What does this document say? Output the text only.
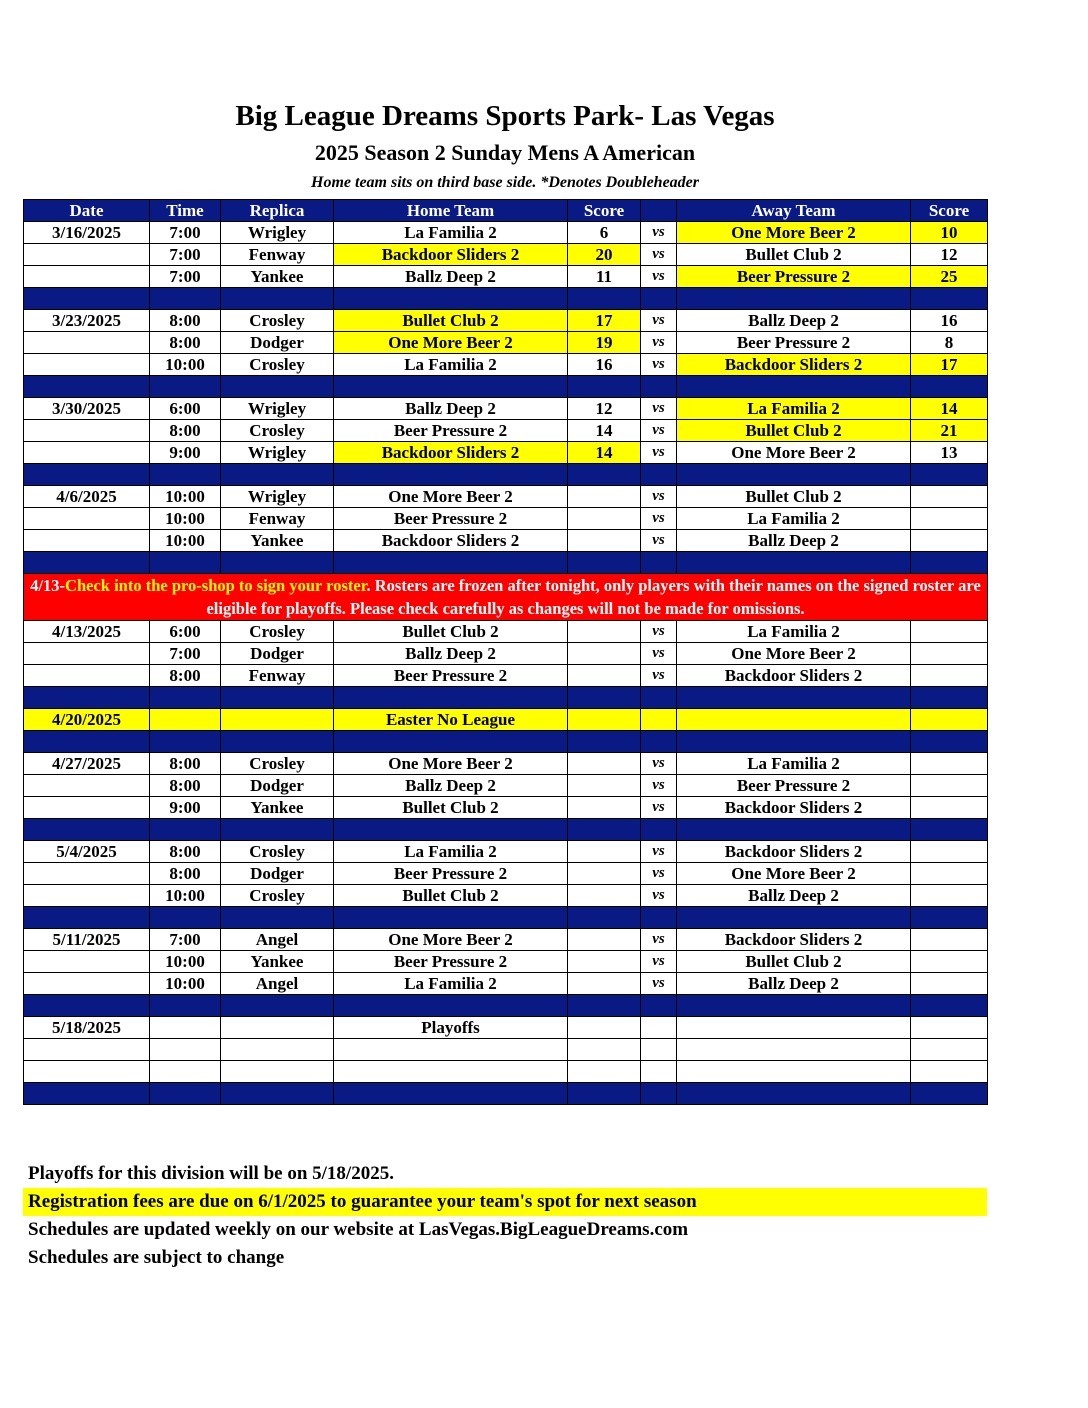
Big League Dreams Sports Park- Las Vegas
2025 Season 2 Sunday Mens A American
Home team sits on third base side. *Denotes Doubleheader
Date	Time	Replica	Home Team	Score		Away Team	Score
3/16/2025	7:00	Wrigley	La Familia 2	6	vs	One More Beer 2	10
	7:00	Fenway	Backdoor Sliders 2	20	vs	Bullet Club 2	12
	7:00	Yankee	Ballz Deep 2	11	vs	Beer Pressure 2	25

3/23/2025	8:00	Crosley	Bullet Club 2	17	vs	Ballz Deep 2	16
	8:00	Dodger	One More Beer 2	19	vs	Beer Pressure 2	8
	10:00	Crosley	La Familia 2	16	vs	Backdoor Sliders 2	17

3/30/2025	6:00	Wrigley	Ballz Deep 2	12	vs	La Familia 2	14
	8:00	Crosley	Beer Pressure 2	14	vs	Bullet Club 2	21
	9:00	Wrigley	Backdoor Sliders 2	14	vs	One More Beer 2	13

4/6/2025	10:00	Wrigley	One More Beer 2		vs	Bullet Club 2	
	10:00	Fenway	Beer Pressure 2		vs	La Familia 2	
	10:00	Yankee	Backdoor Sliders 2		vs	Ballz Deep 2	

4/13-Check into the pro-shop to sign your roster. Rosters are frozen after tonight, only players with their names on the signed roster are eligible for playoffs. Please check carefully as changes will not be made for omissions.							
4/13/2025	6:00	Crosley	Bullet Club 2		vs	La Familia 2	
	7:00	Dodger	Ballz Deep 2		vs	One More Beer 2	
	8:00	Fenway	Beer Pressure 2		vs	Backdoor Sliders 2	

4/20/2025			Easter No League				

4/27/2025	8:00	Crosley	One More Beer 2		vs	La Familia 2	
	8:00	Dodger	Ballz Deep 2		vs	Beer Pressure 2	
	9:00	Yankee	Bullet Club 2		vs	Backdoor Sliders 2	

5/4/2025	8:00	Crosley	La Familia 2		vs	Backdoor Sliders 2	
	8:00	Dodger	Beer Pressure 2		vs	One More Beer 2	
	10:00	Crosley	Bullet Club 2		vs	Ballz Deep 2	

5/11/2025	7:00	Angel	One More Beer 2		vs	Backdoor Sliders 2	
	10:00	Yankee	Beer Pressure 2		vs	Bullet Club 2	
	10:00	Angel	La Familia 2		vs	Ballz Deep 2	

5/18/2025			Playoffs				

Playoffs for this division will be on 5/18/2025.
Registration fees are due on 6/1/2025 to guarantee your team's spot for next season
Schedules are updated weekly on our website at LasVegas.BigLeagueDreams.com
Schedules are subject to change
